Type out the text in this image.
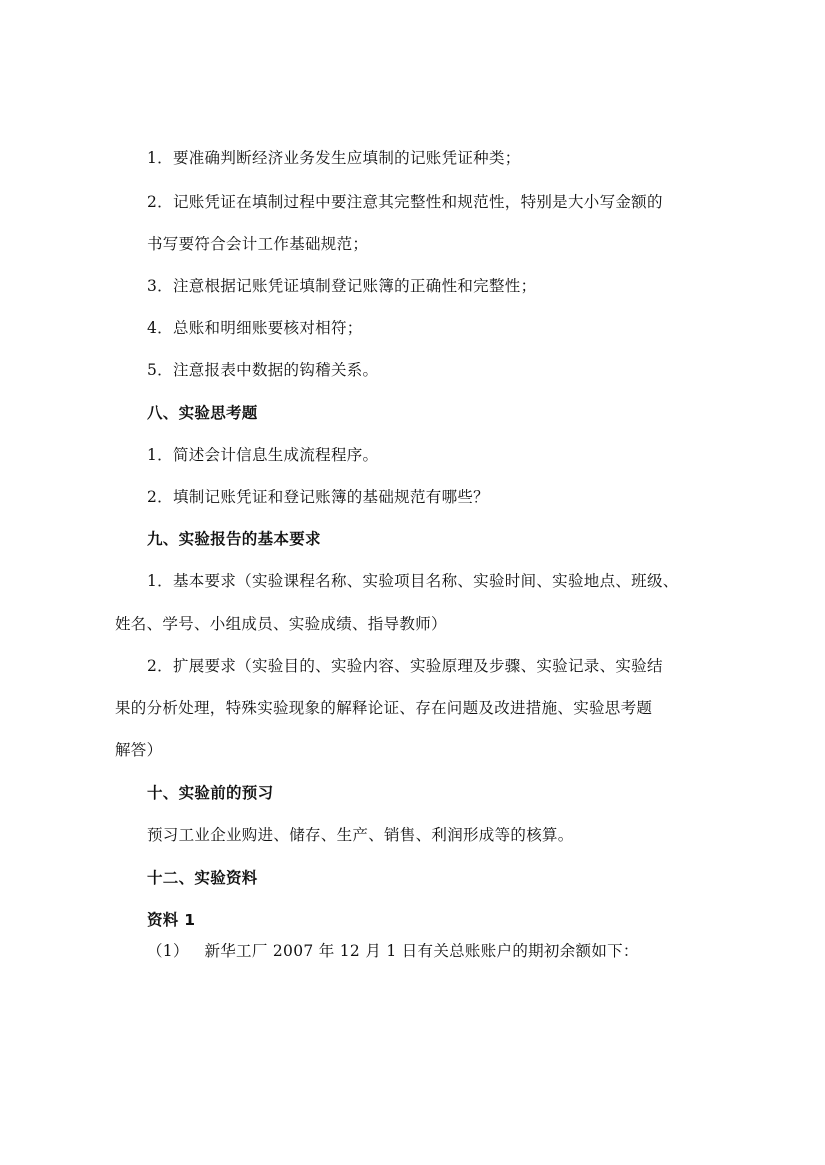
1．要准确判断经济业务发生应填制的记账凭证种类；
2．记账凭证在填制过程中要注意其完整性和规范性，特别是大小写金额的
书写要符合会计工作基础规范；
3．注意根据记账凭证填制登记账簿的正确性和完整性；
4．总账和明细账要核对相符；
5．注意报表中数据的钩稽关系。
八、实验思考题
1．简述会计信息生成流程程序。
2．填制记账凭证和登记账簿的基础规范有哪些？
九、实验报告的基本要求
1．基本要求（实验课程名称、实验项目名称、实验时间、实验地点、班级、
姓名、学号、小组成员、实验成绩、指导教师）
2．扩展要求（实验目的、实验内容、实验原理及步骤、实验记录、实验结
果的分析处理，特殊实验现象的解释论证、存在问题及改进措施、实验思考题
解答）
十、实验前的预习
预习工业企业购进、储存、生产、销售、利润形成等的核算。
十二、实验资料
资料 1
（1）   新华工厂 2007 年 12 月 1 日有关总账账户的期初余额如下：
